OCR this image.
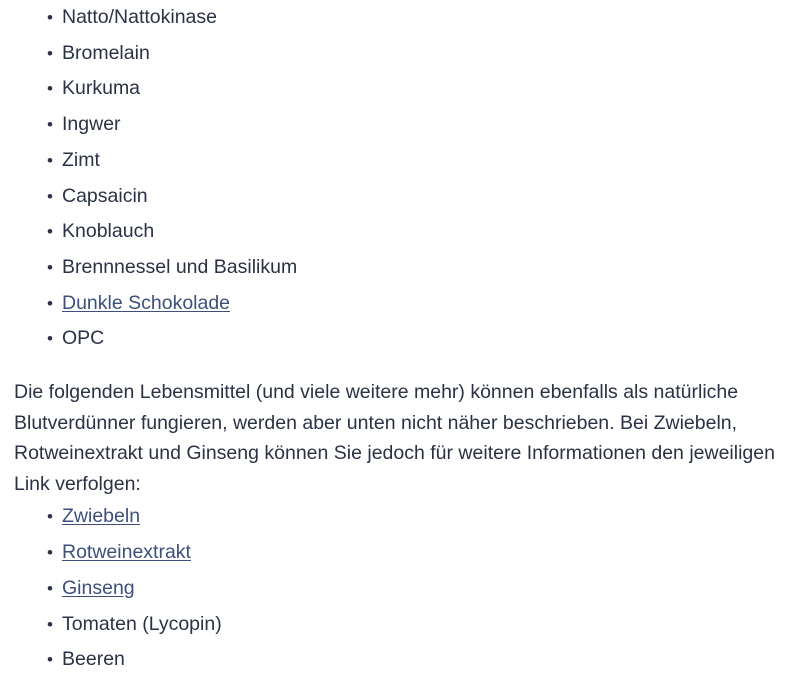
• Natto/Nattokinase
• Bromelain
• Kurkuma
• Ingwer
• Zimt
• Capsaicin
• Knoblauch
• Brennnessel und Basilikum
• Dunkle Schokolade
• OPC

Die folgenden Lebensmittel (und viele weitere mehr) können ebenfalls als natürliche Blutverdünner fungieren, werden aber unten nicht näher beschrieben. Bei Zwiebeln, Rotweinextrakt und Ginseng können Sie jedoch für weitere Informationen den jeweiligen Link verfolgen:

• Zwiebeln
• Rotweinextrakt
• Ginseng
• Tomaten (Lycopin)
• Beeren
